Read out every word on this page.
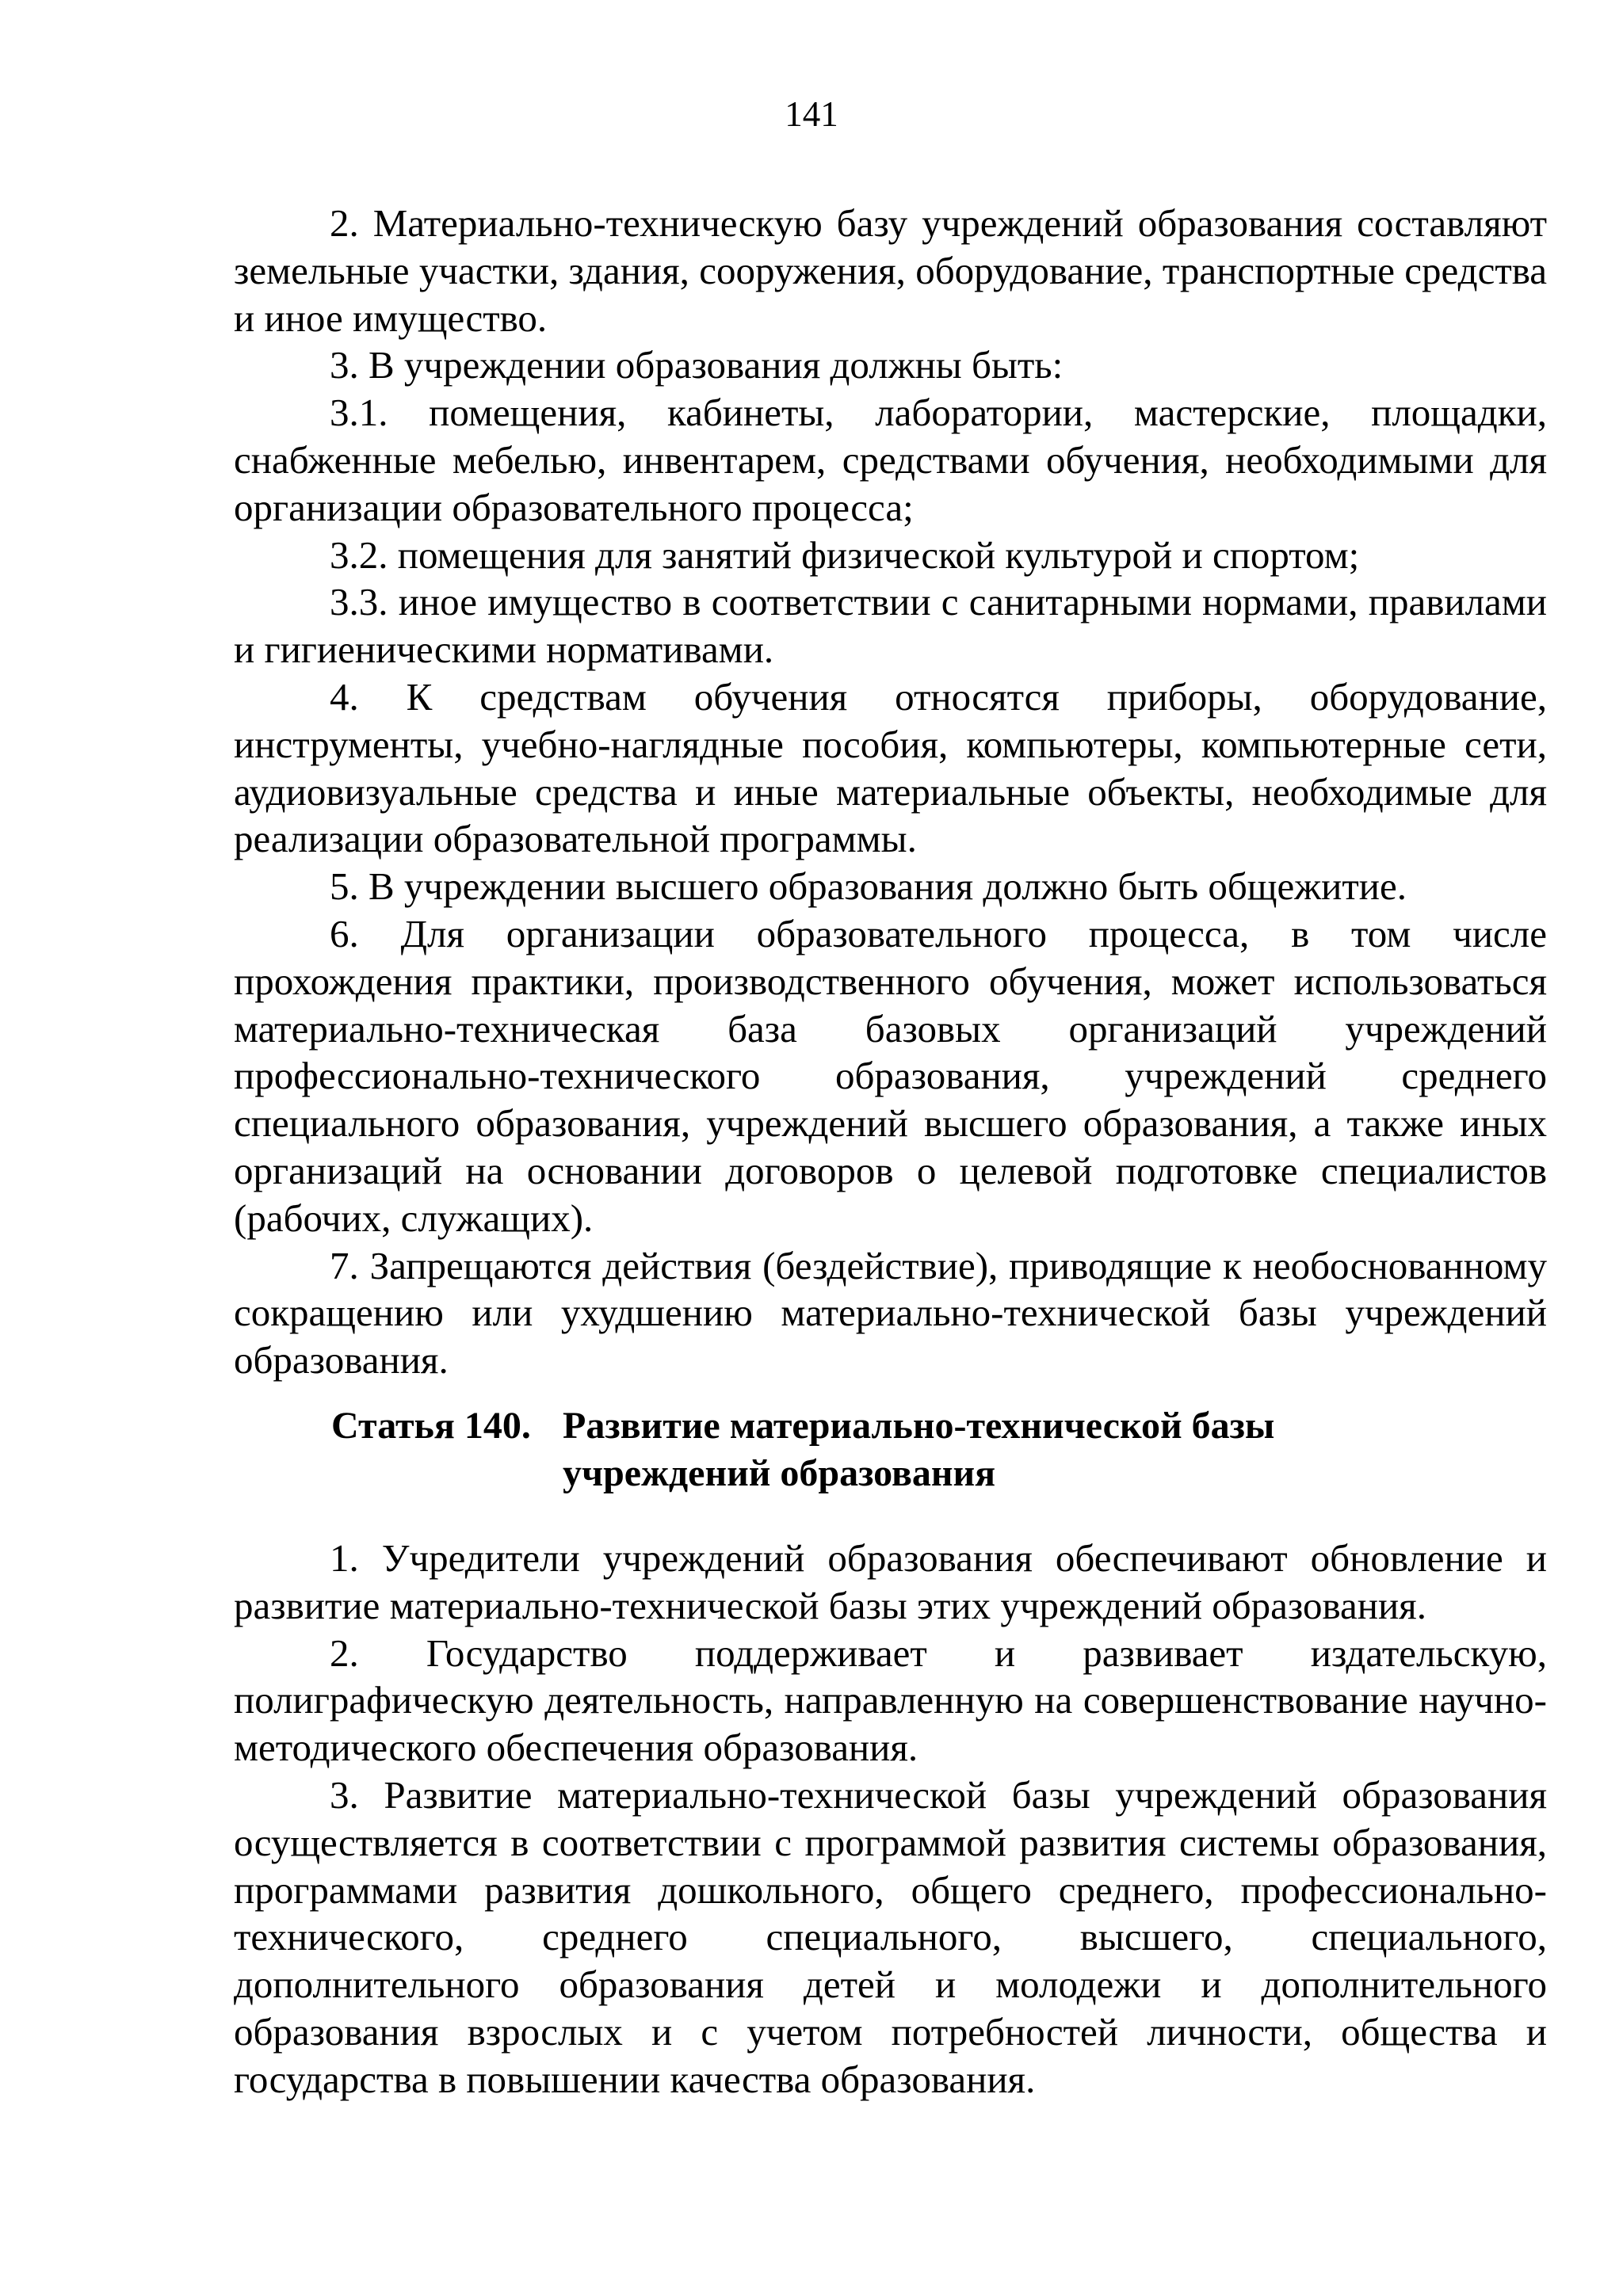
141

2. Материально-техническую базу учреждений образования составляют земельные участки, здания, сооружения, оборудование, транспортные средства и иное имущество.

3. В учреждении образования должны быть:

3.1. помещения, кабинеты, лаборатории, мастерские, площадки, снабженные мебелью, инвентарем, средствами обучения, необходимыми для организации образовательного процесса;

3.2. помещения для занятий физической культурой и спортом;

3.3. иное имущество в соответствии с санитарными нормами, правилами и гигиеническими нормативами.

4. К средствам обучения относятся приборы, оборудование, инструменты, учебно-наглядные пособия, компьютеры, компьютерные сети, аудиовизуальные средства и иные материальные объекты, необходимые для реализации образовательной программы.

5. В учреждении высшего образования должно быть общежитие.

6. Для организации образовательного процесса, в том числе прохождения практики, производственного обучения, может использоваться материально-техническая база базовых организаций учреждений профессионально-технического образования, учреждений среднего специального образования, учреждений высшего образования, а также иных организаций на основании договоров о целевой подготовке специалистов (рабочих, служащих).

7. Запрещаются действия (бездействие), приводящие к необоснованному сокращению или ухудшению материально-технической базы учреждений образования.

Статья 140. Развитие материально-технической базы
учреждений образования

1. Учредители учреждений образования обеспечивают обновление и развитие материально-технической базы этих учреждений образования.

2. Государство поддерживает и развивает издательскую, полиграфическую деятельность, направленную на совершенствование научно-методического обеспечения образования.

3. Развитие материально-технической базы учреждений образования осуществляется в соответствии с программой развития системы образования, программами развития дошкольного, общего среднего, профессионально-технического, среднего специального, высшего, специального, дополнительного образования детей и молодежи и дополнительного образования взрослых и с учетом потребностей личности, общества и государства в повышении качества образования.
